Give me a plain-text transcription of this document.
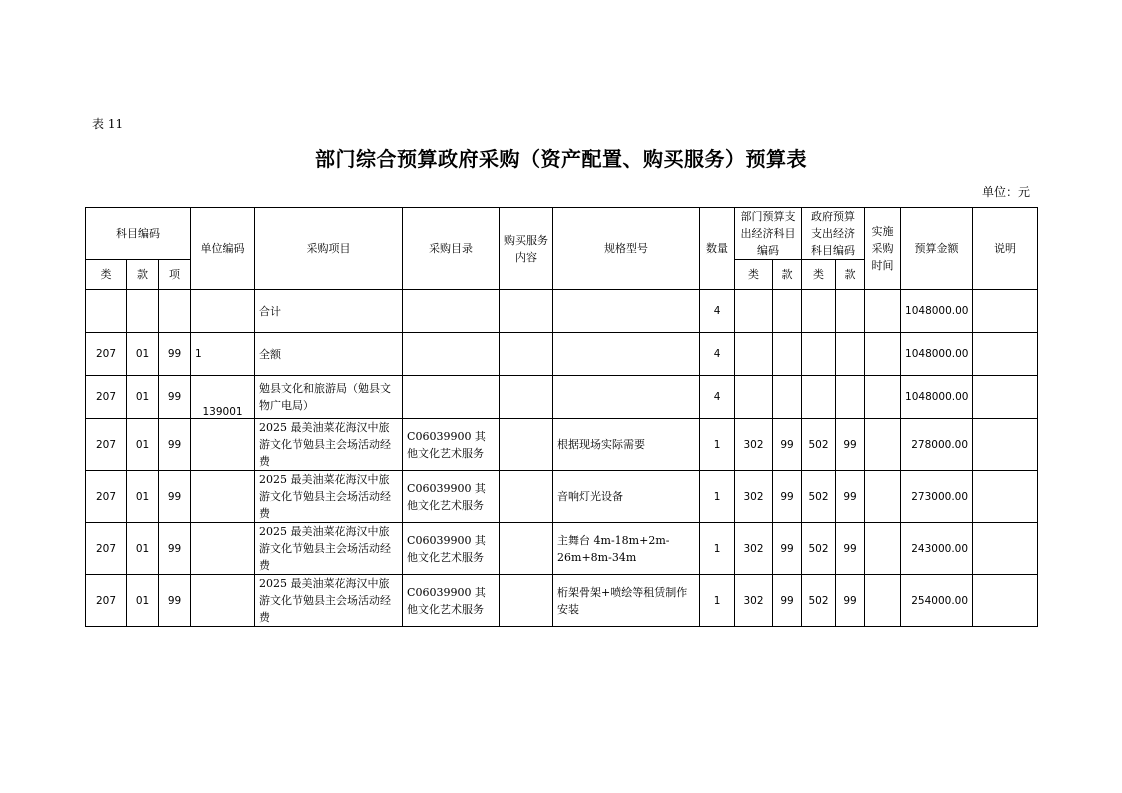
表 11
部门综合预算政府采购（资产配置、购买服务）预算表
单位：元
科目编码			单位编码	采购项目	采购目录	购买服务内容	规格型号	数量	部门预算支出经济科目编码		政府预算支出经济科目编码		实施采购时间	预算金额	说明
类	款	项							类	款	类	款			
				合计				4						1048000.00	
207	01	99	1	全额				4						1048000.00	
207	01	99	139001	勉县文化和旅游局（勉县文物广电局）				4						1048000.00	
207	01	99		2025 最美油菜花海汉中旅游文化节勉县主会场活动经费	C06039900 其他文化艺术服务		根据现场实际需要	1	302	99	502	99		278000.00	
207	01	99		2025 最美油菜花海汉中旅游文化节勉县主会场活动经费	C06039900 其他文化艺术服务		音响灯光设备	1	302	99	502	99		273000.00	
207	01	99		2025 最美油菜花海汉中旅游文化节勉县主会场活动经费	C06039900 其他文化艺术服务		主舞台 4m-18m+2m-26m+8m-34m	1	302	99	502	99		243000.00	
207	01	99		2025 最美油菜花海汉中旅游文化节勉县主会场活动经费	C06039900 其他文化艺术服务		桁架骨架+喷绘等租赁制作安装	1	302	99	502	99		254000.00	
